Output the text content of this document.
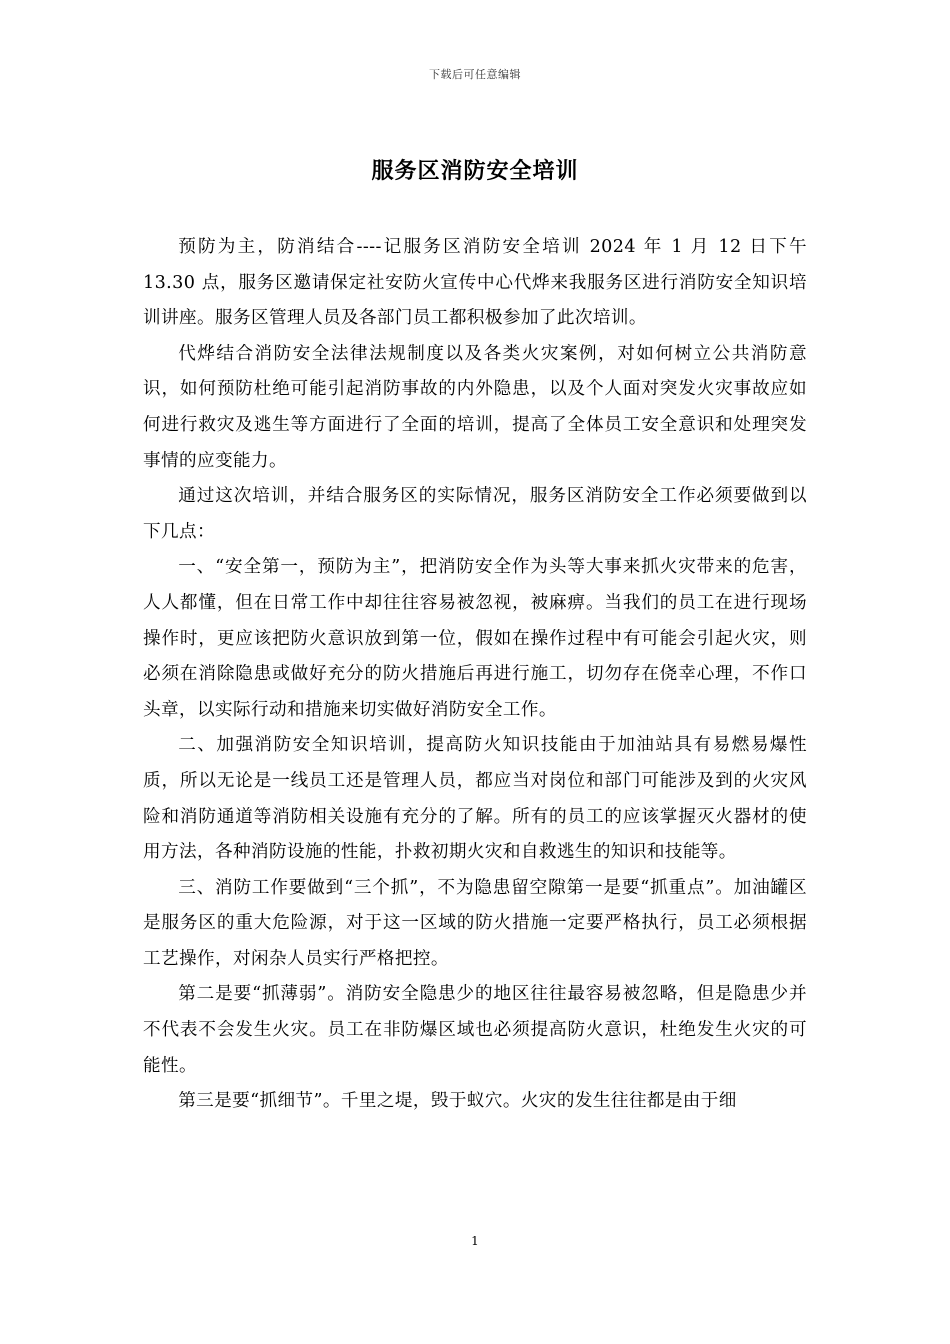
下载后可任意编辑
服务区消防安全培训

预防为主，防消结合----记服务区消防安全培训 2024 年 1 月 12 日下午 13.30 点，服务区邀请保定社安防火宣传中心代烨来我服务区进行消防安全知识培训讲座。服务区管理人员及各部门员工都积极参加了此次培训。

代烨结合消防安全法律法规制度以及各类火灾案例，对如何树立公共消防意识，如何预防杜绝可能引起消防事故的内外隐患，以及个人面对突发火灾事故应如何进行救灾及逃生等方面进行了全面的培训，提高了全体员工安全意识和处理突发事情的应变能力。

通过这次培训，并结合服务区的实际情况，服务区消防安全工作必须要做到以下几点：

一、“安全第一，预防为主”，把消防安全作为头等大事来抓火灾带来的危害，人人都懂，但在日常工作中却往往容易被忽视，被麻痹。当我们的员工在进行现场操作时，更应该把防火意识放到第一位，假如在操作过程中有可能会引起火灾，则必须在消除隐患或做好充分的防火措施后再进行施工，切勿存在侥幸心理，不作口头章，以实际行动和措施来切实做好消防安全工作。

二、加强消防安全知识培训，提高防火知识技能由于加油站具有易燃易爆性质，所以无论是一线员工还是管理人员，都应当对岗位和部门可能涉及到的火灾风险和消防通道等消防相关设施有充分的了解。所有的员工的应该掌握灭火器材的使用方法，各种消防设施的性能，扑救初期火灾和自救逃生的知识和技能等。

三、消防工作要做到“三个抓”，不为隐患留空隙第一是要“抓重点”。加油罐区是服务区的重大危险源，对于这一区域的防火措施一定要严格执行，员工必须根据工艺操作，对闲杂人员实行严格把控。

第二是要“抓薄弱”。消防安全隐患少的地区往往最容易被忽略，但是隐患少并不代表不会发生火灾。员工在非防爆区域也必须提高防火意识，杜绝发生火灾的可能性。

第三是要“抓细节”。千里之堤，毁于蚁穴。火灾的发生往往都是由于细

1
